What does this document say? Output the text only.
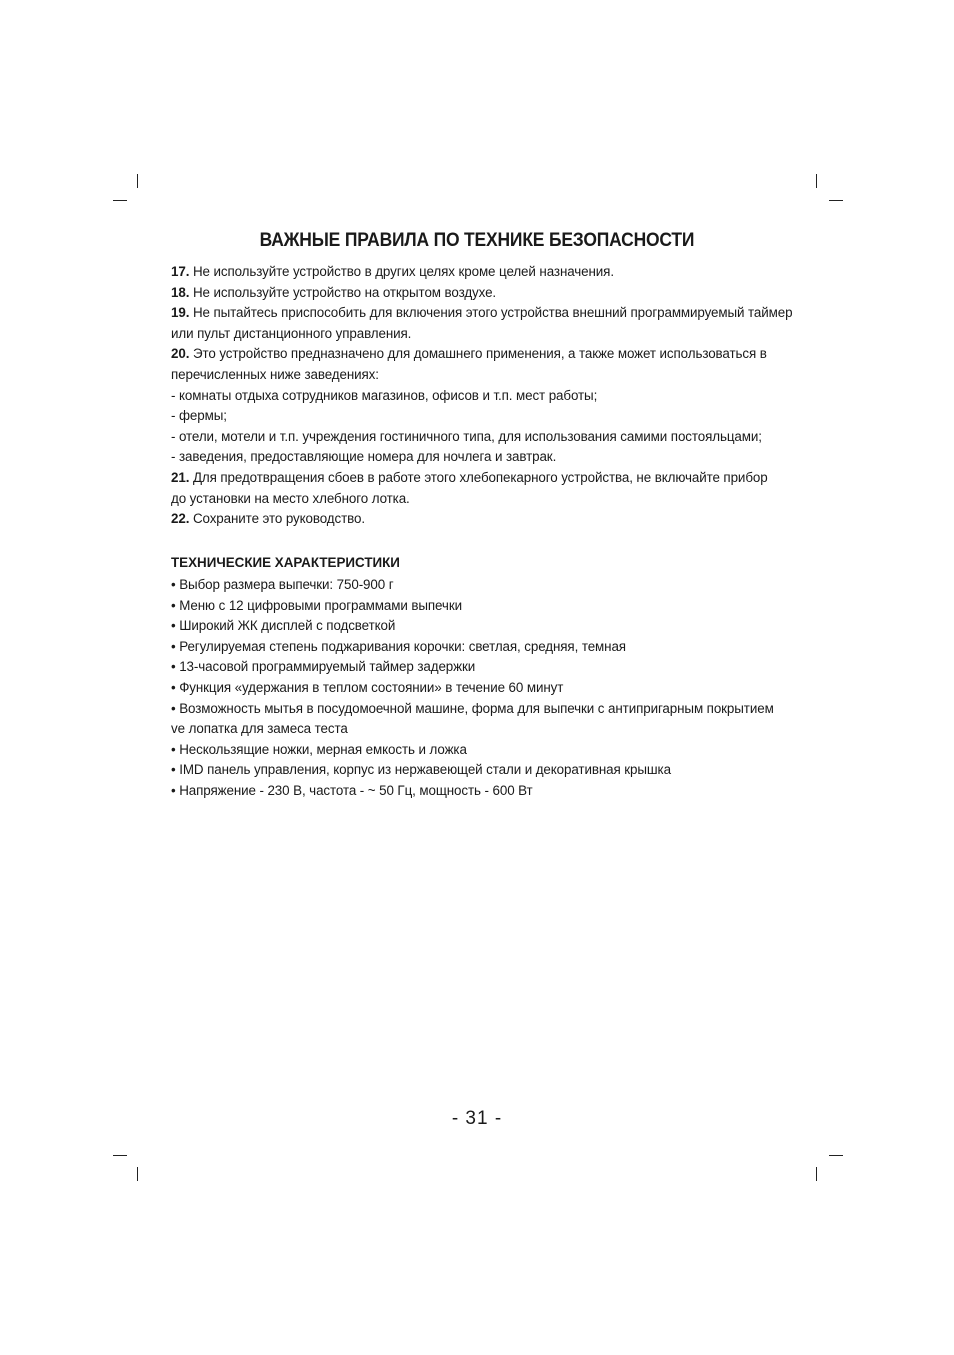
ВАЖНЫЕ ПРАВИЛА ПО ТЕХНИКЕ БЕЗОПАСНОСТИ
17. Не используйте устройство в других целях кроме целей назначения.
18. Не используйте устройство на открытом воздухе.
19. Не пытайтесь приспособить для включения этого устройства внешний программируемый таймер
или пульт дистанционного управления.
20. Это устройство предназначено для домашнего применения, а также может использоваться в
перечисленных ниже заведениях:
- комнаты отдыха сотрудников магазинов, офисов и т.п. мест работы;
- фермы;
- отели, мотели и т.п. учреждения гостиничного типа, для использования самими постояльцами;
- заведения, предоставляющие номера для ночлега и завтрак.
21. Для предотвращения сбоев в работе этого хлебопекарного устройства, не включайте прибор
до установки на место хлебного лотка.
22. Сохраните это руководство.
ТЕХНИЧЕСКИЕ ХАРАКТЕРИСТИКИ
• Выбор размера выпечки: 750-900 г
• Меню с 12 цифровыми программами выпечки
• Широкий ЖК дисплей с подсветкой
• Регулируемая степень поджаривания корочки: светлая, средняя, темная
• 13-часовой программируемый таймер задержки
• Функция «удержания в теплом состоянии» в течение 60 минут
• Возможность мытья в посудомоечной машине, форма для выпечки с антипригарным покрытием
ve лопатка для замеса теста
• Нескользящие ножки, мерная емкость и ложка
• IMD панель управления, корпус из нержавеющей стали и декоративная крышка
• Напряжение - 230 В, частота - ~ 50 Гц, мощность - 600 Вт
- 31 -
